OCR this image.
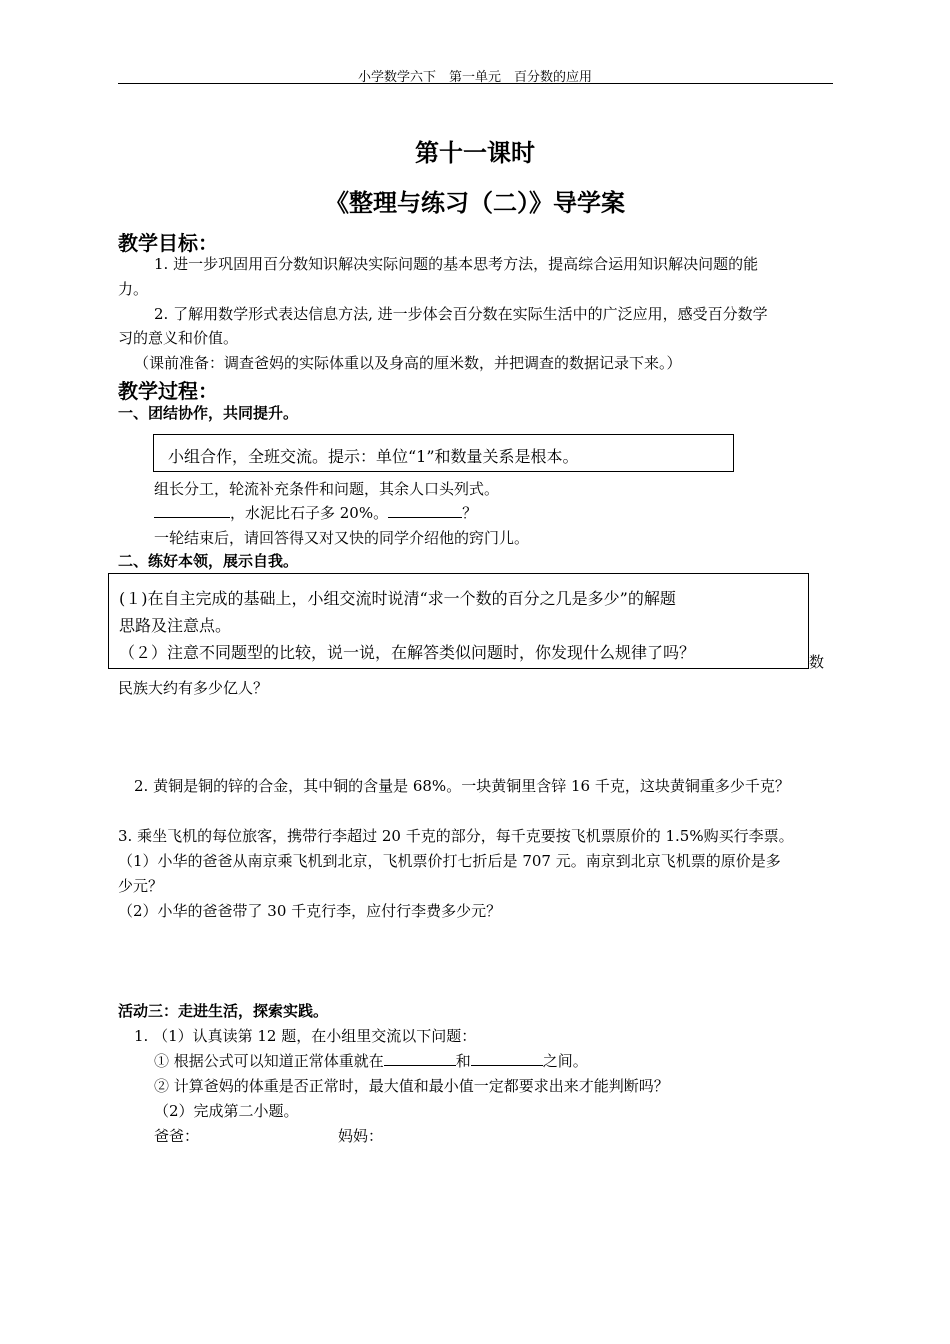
小学数学六下　第一单元　百分数的应用
第十一课时
《整理与练习（二）》导学案
教学目标：
1. 进一步巩固用百分数知识解决实际问题的基本思考方法，提高综合运用知识解决问题的能
力。
2. 了解用数学形式表达信息方法, 进一步体会百分数在实际生活中的广泛应用，感受百分数学
习的意义和价值。
（课前准备：调查爸妈的实际体重以及身高的厘米数，并把调查的数据记录下来。）
教学过程：
一、团结协作，共同提升。
小组合作，全班交流。提示：单位“1”和数量关系是根本。
组长分工，轮流补充条件和问题，其余人口头列式。
，水泥比石子多 20%。	？
一轮结束后，请回答得又对又快的同学介绍他的窍门儿。
二、练好本领，展示自我。
数
(１)在自主完成的基础上，小组交流时说清“求一个数的百分之几是多少”的解题
思路及注意点。
（２）注意不同题型的比较，说一说，在解答类似问题时，你发现什么规律了吗？
民族大约有多少亿人？
2. 黄铜是铜的锌的合金，其中铜的含量是 68%。一块黄铜里含锌 16 千克，这块黄铜重多少千克？
3. 乘坐飞机的每位旅客，携带行李超过 20 千克的部分，每千克要按飞机票原价的 1.5%购买行李票。
（1）小华的爸爸从南京乘飞机到北京，飞机票价打七折后是 707 元。南京到北京飞机票的原价是多
少元？
（2）小华的爸爸带了 30 千克行李，应付行李费多少元？
活动三：走进生活，探索实践。
1. （1）认真读第 12 题，在小组里交流以下问题：
① 根据公式可以知道正常体重就在	和	之间。
② 计算爸妈的体重是否正常时，最大值和最小值一定都要求出来才能判断吗？
（2）完成第二小题。
爸爸：	妈妈：
